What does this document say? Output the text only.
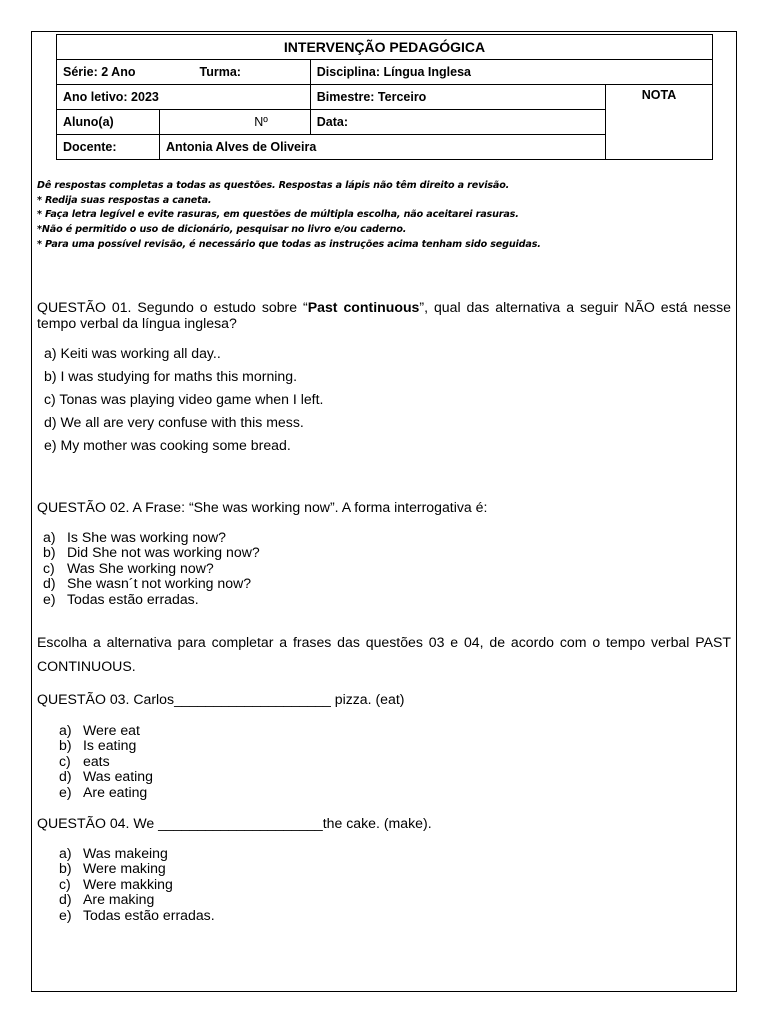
INTERVENÇÃO PEDAGÓGICA			
Série: 2 Ano Turma:		Disciplina: Língua Inglesa	
Ano letivo: 2023		Bimestre: Terceiro	NOTA
Aluno(a)	Nº	Data:	
Docente:	Antonia Alves de Oliveira		
Dê respostas completas a todas as questões. Respostas a lápis não têm direito a revisão.
* Redija suas respostas a caneta.
* Faça letra legível e evite rasuras, em questões de múltipla escolha, não aceitarei rasuras.
*Não é permitido o uso de dicionário, pesquisar no livro e/ou caderno.
* Para uma possível revisão, é necessário que todas as instruções acima tenham sido seguidas.
QUESTÃO 01. Segundo o estudo sobre “Past continuous”, qual das alternativa a seguir NÃO está nesse
tempo verbal da língua inglesa?
a) Keiti was working all day..
b) I was studying for maths this morning.
c) Tonas was playing video game when I left.
d) We all are very confuse with this mess.
e) My mother was cooking some bread.
QUESTÃO 02. A Frase: “She was working now”. A forma interrogativa é:
a) Is She was working now?
b) Did She not was working now?
c) Was She working now?
d) She wasn´t not working now?
e) Todas estão erradas.
Escolha a alternativa para completar a frases das questões 03 e 04, de acordo com o tempo verbal PAST
CONTINUOUS.
QUESTÃO 03. Carlos____________________ pizza. (eat)
a) Were eat
b) Is eating
c) eats
d) Was eating
e) Are eating
QUESTÃO 04. We _____________________the cake. (make).
a) Was makeing
b) Were making
c) Were makking
d) Are making
e) Todas estão erradas.
